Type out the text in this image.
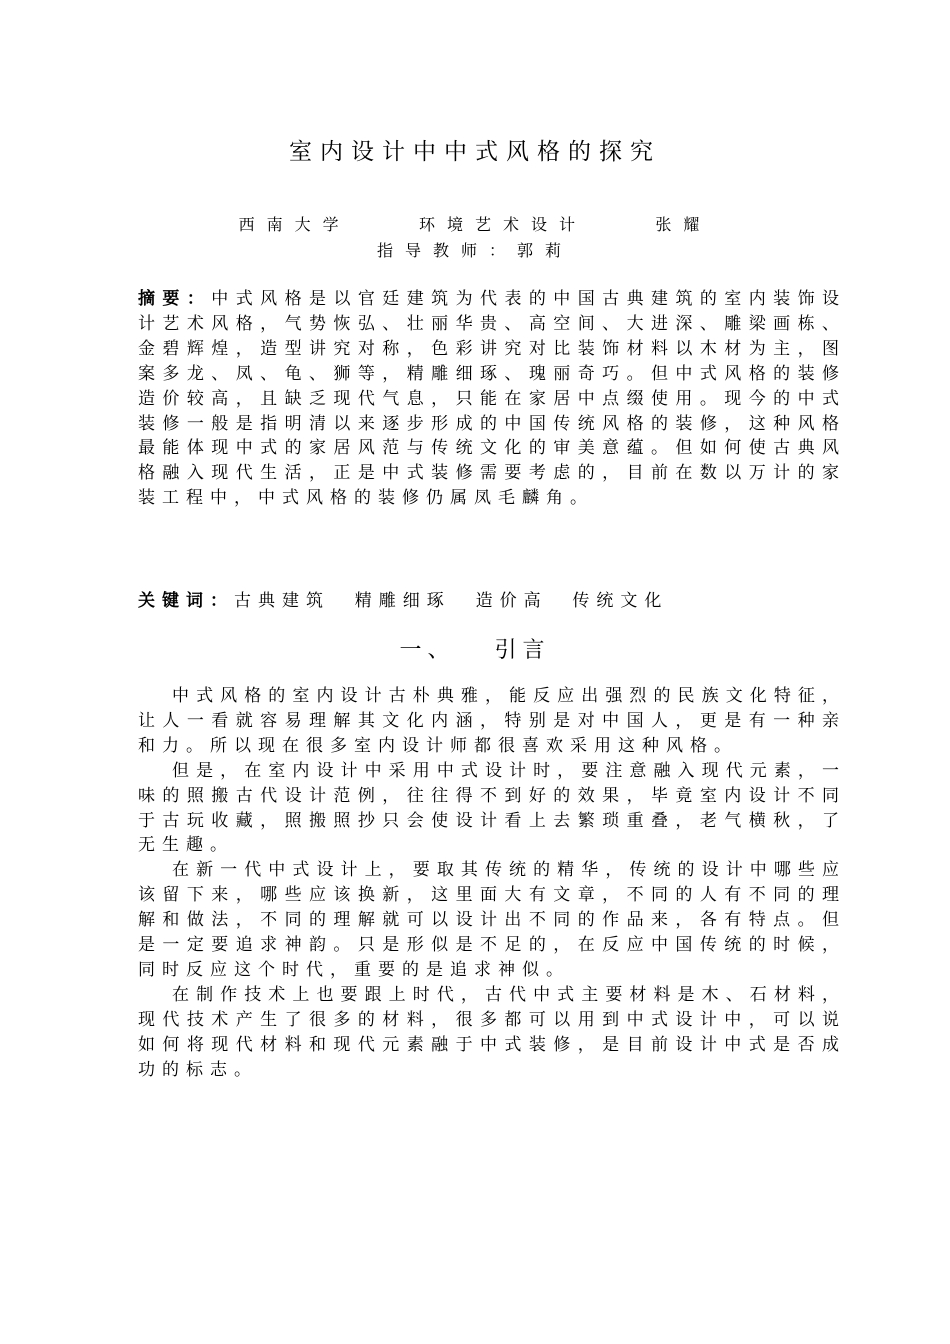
室内设计中中式风格的探究
西南大学    环境艺术设计    张耀
指导教师：郭莉
摘要：中式风格是以官廷建筑为代表的中国古典建筑的室内装饰设计艺术风格，气势恢弘、壮丽华贵、高空间、大进深、雕梁画栋、金碧辉煌，造型讲究对称，色彩讲究对比装饰材料以木材为主，图案多龙、凤、龟、狮等，精雕细琢、瑰丽奇巧。但中式风格的装修造价较高，且缺乏现代气息，只能在家居中点缀使用。现今的中式装修一般是指明清以来逐步形成的中国传统风格的装修，这种风格最能体现中式的家居风范与传统文化的审美意蕴。但如何使古典风格融入现代生活，正是中式装修需要考虑的，目前在数以万计的家装工程中，中式风格的装修仍属凤毛麟角。
关键词：古典建筑  精雕细琢  造价高  传统文化
一、   引言

中式风格的室内设计古朴典雅，能反应出强烈的民族文化特征，让人一看就容易理解其文化内涵，特别是对中国人，更是有一种亲和力。所以现在很多室内设计师都很喜欢采用这种风格。

但是，在室内设计中采用中式设计时，要注意融入现代元素，一味的照搬古代设计范例，往往得不到好的效果，毕竟室内设计不同于古玩收藏，照搬照抄只会使设计看上去繁琐重叠，老气横秋，了无生趣。

在新一代中式设计上，要取其传统的精华，传统的设计中哪些应该留下来，哪些应该换新，这里面大有文章，不同的人有不同的理解和做法，不同的理解就可以设计出不同的作品来，各有特点。但是一定要追求神韵。只是形似是不足的，在反应中国传统的时候，同时反应这个时代，重要的是追求神似。

在制作技术上也要跟上时代，古代中式主要材料是木、石材料，现代技术产生了很多的材料，很多都可以用到中式设计中，可以说如何将现代材料和现代元素融于中式装修，是目前设计中式是否成功的标志。
